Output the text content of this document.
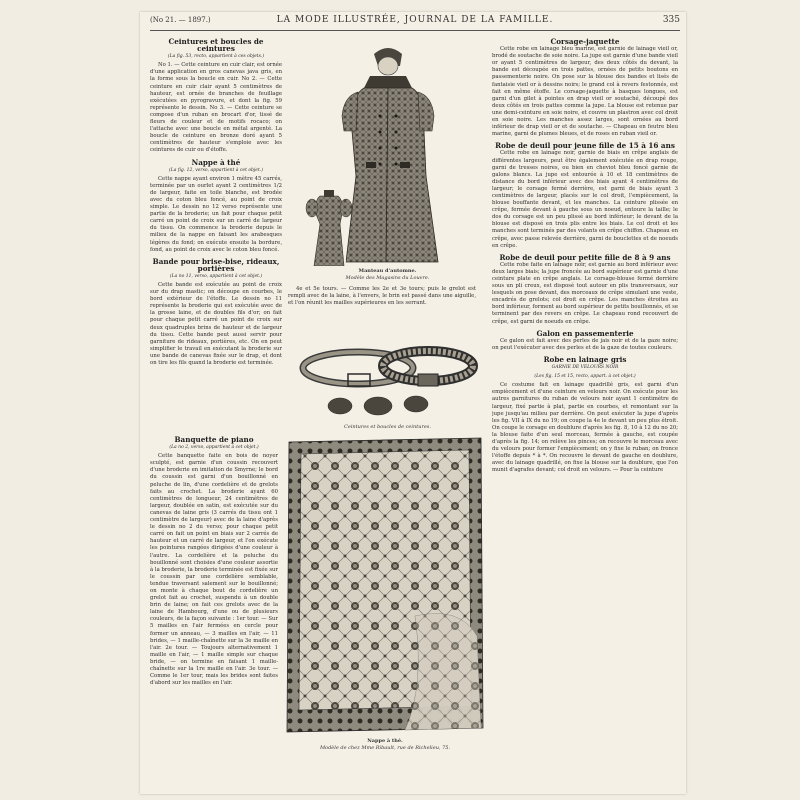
(No 21. — 1897.)	LA MODE ILLUSTRÉE, JOURNAL DE LA FAMILLE.	335
Ceintures et boucles de ceintures
(La fig. 53, recto, appartient à ces objets.)

No 1. — Cette ceinture en cuir clair, est ornée d'une application en gros canevas java gris, en la forme sous la boucle en cuir. No 2. — Cette ceinture en cuir clair ayant 5 centimètres de hauteur, est ornée de branches de feuillage exécutées en pyrogravure, et dont la fig. 59 représente le dessin. No 3. — Cette ceinture se compose d'un ruban en brocart d'or, tissé de fleurs de couleur et de motifs rocaco; on l'attache avec une boucle en métal argenté. La boucle de ceinture en bronze doré ayant 5 centimètres de hauteur s'emploie avec les ceintures de cuir ou d'étoffe.

Nappe à thé
(La fig. 12, verso, appartient à cet objet.)

Cette nappe ayant environ 1 mètre 45 carrés, terminée par un ourlet ayant 2 centimètres 1/2 de largeur, faite en toile blanche, est brodée avec du coton bleu foncé, au point de croix simple. Le dessin no 12 verso représente une partie de la broderie; un fait pour chaque petit carré un point de croix sur un carré de largeur du tissu. On commence la broderie depuis le milieu de la nappe en faisant les arabesques légères du fond; on exécute ensuite la bordure, fond, au point de croix avec le coton bleu foncé.

Bande pour brise-bise, rideaux, portières
(La no 11, verso, appartient à cet objet.)

Cette bande est exécutée au point de croix sur du drap mastic; on découpe en courbes, le bord extérieur de l'étoffe. Le dessin no 11 représente la broderie qui est exécutée avec de la grosse laine, et de doubles fils d'or; on fait pour chaque petit carré un point de croix sur deux quadruples brins de hauteur et de largeur du tissu. Cette bande peut aussi servir pour garniture de rideaux, portières, etc. On en peut simplifier le travail en exécutant la broderie sur une bande de canevas fixée sur le drap, et dont on tire les fils quand la broderie est terminée.

Banquette de piano
(La no 2, verso, appartient à cet objet.)

Cette banquette faite en bois de noyer sculpté, est garnie d'un coussin recouvert d'une broderie en imitation de Smyrne; le bord du coussin est garni d'un bouillonné en peluche de lin, d'une cordelière et de grelots faits au crochet. La broderie ayant 60 centimètres de longueur, 24 centimètres de largeur, doublée en satin, est exécutée sur du canevas de laine gris (3 carrés du tissu ont 1 centimètre de largeur) avec de la laine d'après le dessin no 2 du verso; pour chaque petit carré on fait un point en biais sur 2 carrés de hauteur et un carré de largeur, et l'on exécute les pointures rangées dirigées d'une couleur à l'autre. La cordelière et la peluche du bouillonné sont choisies d'une couleur assortie à la broderie, la broderie terminée est fixée sur le coussin par une cordelière semblable, tendue traversant salement sur le bouillonné; on monte à chaque bout de cordelière un grelot fait au crochet, suspendu à un double brin de laine; on fait ces grelots avec de la laine de Hambourg, d'une ou de plusieurs couleurs, de la façon suivante : 1er tour. — Sur 5 mailles en l'air fermées en cercle pour former un anneau, — 3 mailles en l'air, — 11 brides, — 1 maille-chaînette sur la 3e maille en l'air. 2e tour. — Toujours alternativement 1 maille en l'air, — 1 maille simple sur chaque bride, — on termine en faisant 1 maille-chaînette sur la 1re maille en l'air. 3e tour. — Comme le 1er tour, mais les brides sont faites d'abord sur les mailles en l'air.

Manteau d'automne.
Modèle des Magasins du Louvre.

4e et 5e tours. — Comme les 2e et 3e tours; puis le grelot est rempli avec de la laine, à l'envers, le brin est passé dans une aiguille, et l'on réunit les mailles supérieures en les serrant.

Ceintures et boucles de ceintures.
Nappe à thé.
Modèle de chez Mme Ribault, rue de Richelieu, 75.
Corsage-jaquette

Cette robe en lainage bleu marine, est garnie de lainage vieil or, brodé de soutache de soie noire. La jupe est garnie d'une bande vieil or ayant 5 centimètres de largeur, des deux côtés du devant, la bande est découpée en trois pattes, ornées de petits boutons en passementerie noire. On pose sur la blouse des bandes et lisés de fantaisie vieil or à dessins noirs; le grand col à revers festonnés, est fait en même étoffe. Le corsage-jaquette à basques longues, est garni d'un gilet à pointes en drap vieil or soutaché, découpé des deux côtés en trois pattes comme la jupe. La blouse est retenue par une demi-ceinture en soie noire, et couvre un plastron avec col droit en soie noire. Les manches assez larges, sont ornées au bord inférieur de drap vieil or et de soutache. — Chapeau en feutre bleu marine, garni de plumes bleues, et de roses en ruban vieil or.

Robe de deuil pour jeune fille de 15 à 16 ans

Cette robe en lainage noir, garnie de biais en crêpe anglais de différentes largeurs, peut être également exécutée en drap rouge, garni de tresses noires, ou bien en cheviot bleu foncé garnie de galons blancs. La jupe est entourée à 10 et 18 centimètres de distance du bord inférieur avec des biais ayant 4 centimètres de largeur; le corsage fermé derrière, est garni de biais ayant 3 centimètres de largeur, placés sur le col droit, l'empiècement, la blouse bouffante devant, et les manches. La ceinture plissée en crêpe, fermée devant à gauche sous un noeud, entoure la taille; le dos du corsage est un peu plissé au bord inférieur; le devant de la blouse est disposé en trois plis entre les biais. Le col droit et les manches sont terminés par des volants en crêpe chiffon. Chapeau en crêpe, avec passe relevée derrière, garni de bouclettes et de noeuds en crêpe.

Robe de deuil pour petite fille de 8 à 9 ans

Cette robe faite en lainage noir, est garnie au bord inférieur avec deux larges biais; la jupe froncée au bord supérieur est garnie d'une ceinture plate en crêpe anglais. Le corsage-blouse fermé derrière sous un pli creux, est disposé tout autour en plis transversaux, sur lesquels on pose devant, des morceaux de crêpe simulant une veste, encadrés de grelots; col droit en crêpe. Les manches étroites au bord inférieur, forment au bord supérieur de petits bouillonnés, et se terminent par des revers en crêpe. Le chapeau rond recouvert de crêpe, est garni de noeuds en crêpe.

Galon en passementerie

Ce galon est fait avec des perles de jais noir et de la gaze noire; on peut l'exécuter avec des perles et de la gaze de toutes couleurs.

Robe en lainage gris
GARNIE DE VELOURS NOIR
(Les fig. 15 et 15, recto, appart. à cet objet.)

Ce costume fait en lainage quadrillé gris, est garni d'un empiècement et d'une ceinture en velours noir. On exécute pour les autres garnitures du ruban de velours noir ayant 1 centimètre de largeur, fixé partie à plat, partie en courbes, et remontant sur la jupe jusqu'au milieu par derrière. On peut exécuter la jupe d'après les fig. VII à IX du no 19; on coupe la 4e le devant un peu plus étroit. On coupe le corsage en doublure d'après les fig. 8, 10 à 12 du no 20; la blouse faite d'un seul morceau, fermée à gauche, est coupée d'après la fig. 14; on relève les pinces; on recouvre le morceau avec du velours pour former l'empiècement; on y fixe le ruban; on fronce l'étoffe depuis * à *. On recouvre le devant de gauche en doublure, avec du lainage quadrillé, on fixe la blouse sur la doublure, que l'on munit d'agrafes devant; col droit en velours. — Pour la ceinture
